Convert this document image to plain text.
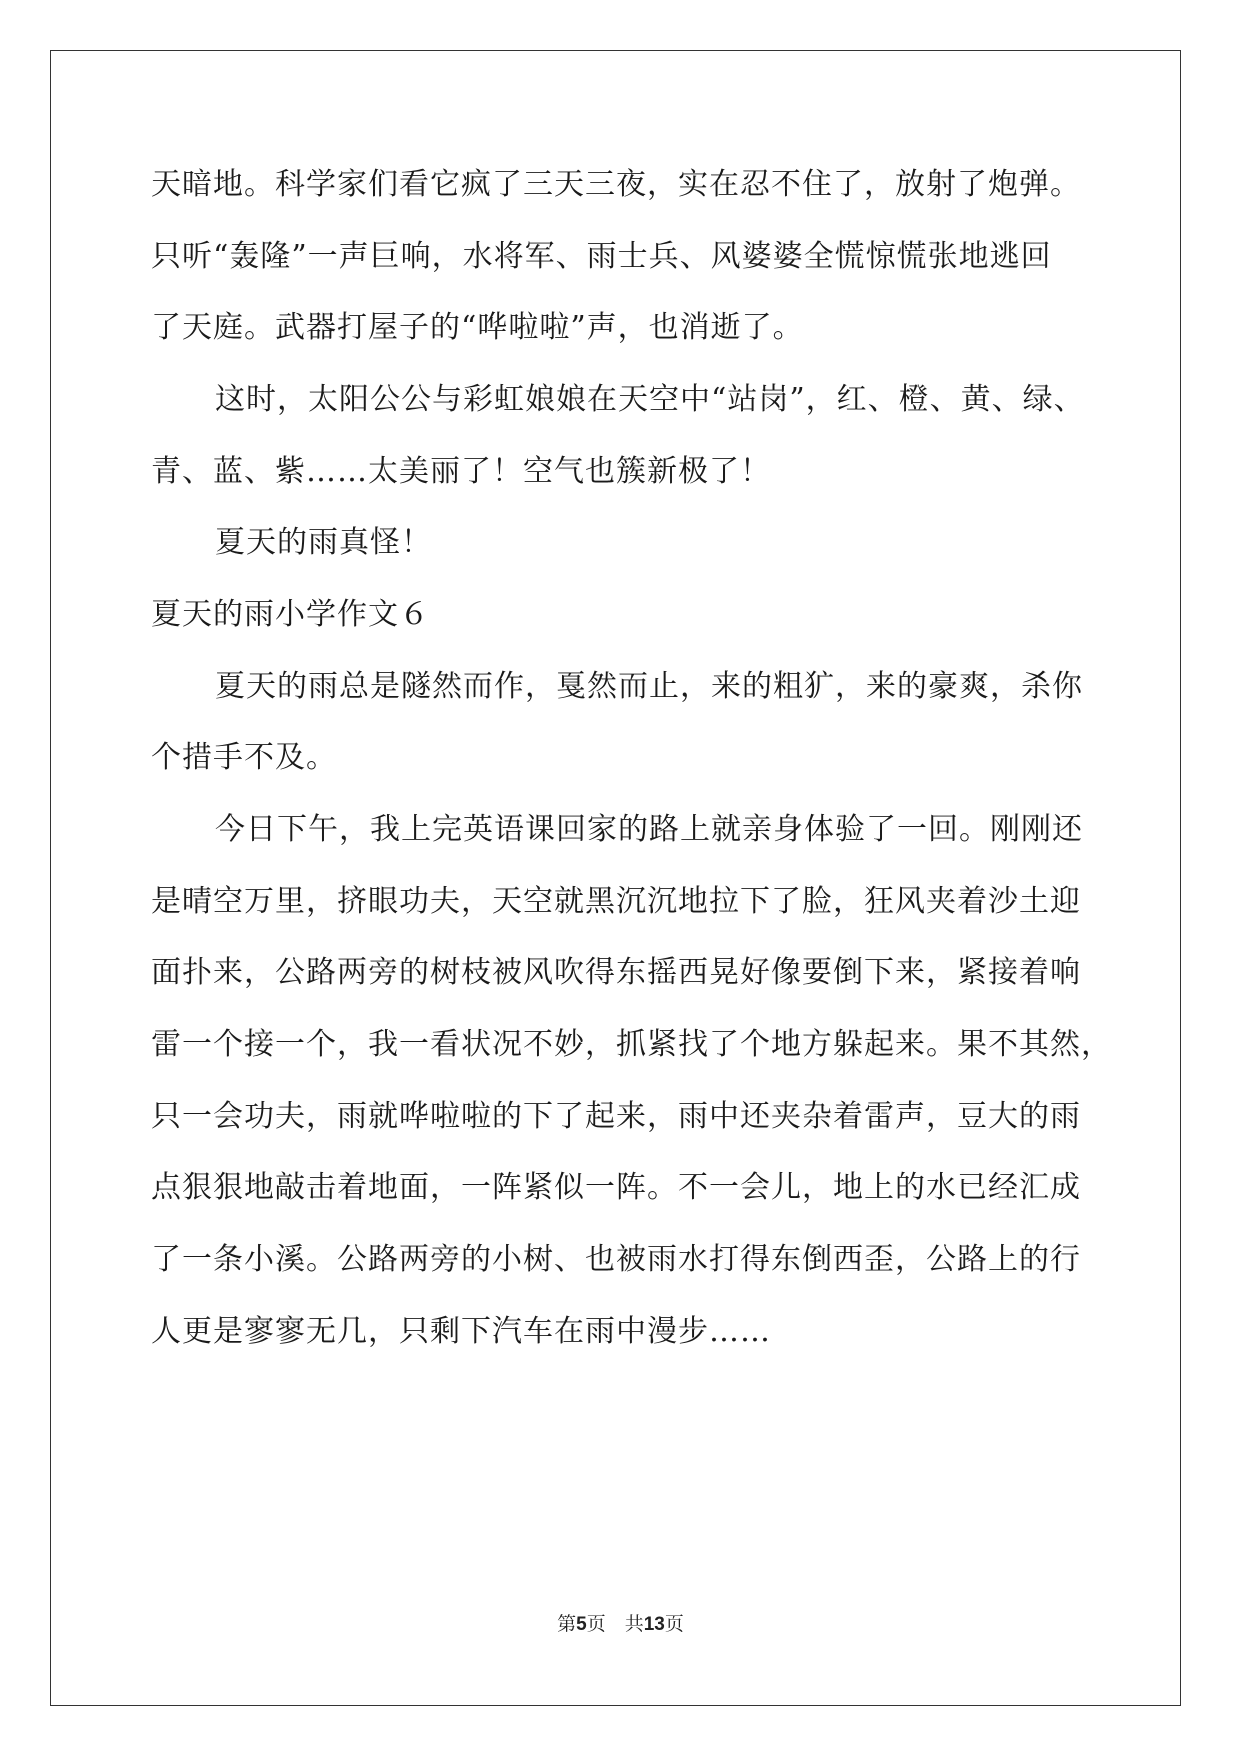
天暗地。科学家们看它疯了三天三夜，实在忍不住了，放射了炮弹。
只听“轰隆”一声巨响，水将军、雨士兵、风婆婆全慌惊慌张地逃回
了天庭。武器打屋子的“哗啦啦”声，也消逝了。
这时，太阳公公与彩虹娘娘在天空中“站岗”，红、橙、黄、绿、
青、蓝、紫……太美丽了！空气也簇新极了！
夏天的雨真怪！
夏天的雨小学作文６
夏天的雨总是隧然而作，戛然而止，来的粗犷，来的豪爽，杀你
个措手不及。
今日下午，我上完英语课回家的路上就亲身体验了一回。刚刚还
是晴空万里，挤眼功夫，天空就黑沉沉地拉下了脸，狂风夹着沙土迎
面扑来，公路两旁的树枝被风吹得东摇西晃好像要倒下来，紧接着响
雷一个接一个，我一看状况不妙，抓紧找了个地方躲起来。果不其然，
只一会功夫，雨就哗啦啦的下了起来，雨中还夹杂着雷声，豆大的雨
点狠狠地敲击着地面，一阵紧似一阵。不一会儿，地上的水已经汇成
了一条小溪。公路两旁的小树、也被雨水打得东倒西歪，公路上的行
人更是寥寥无几，只剩下汽车在雨中漫步……
第5页　共13页
